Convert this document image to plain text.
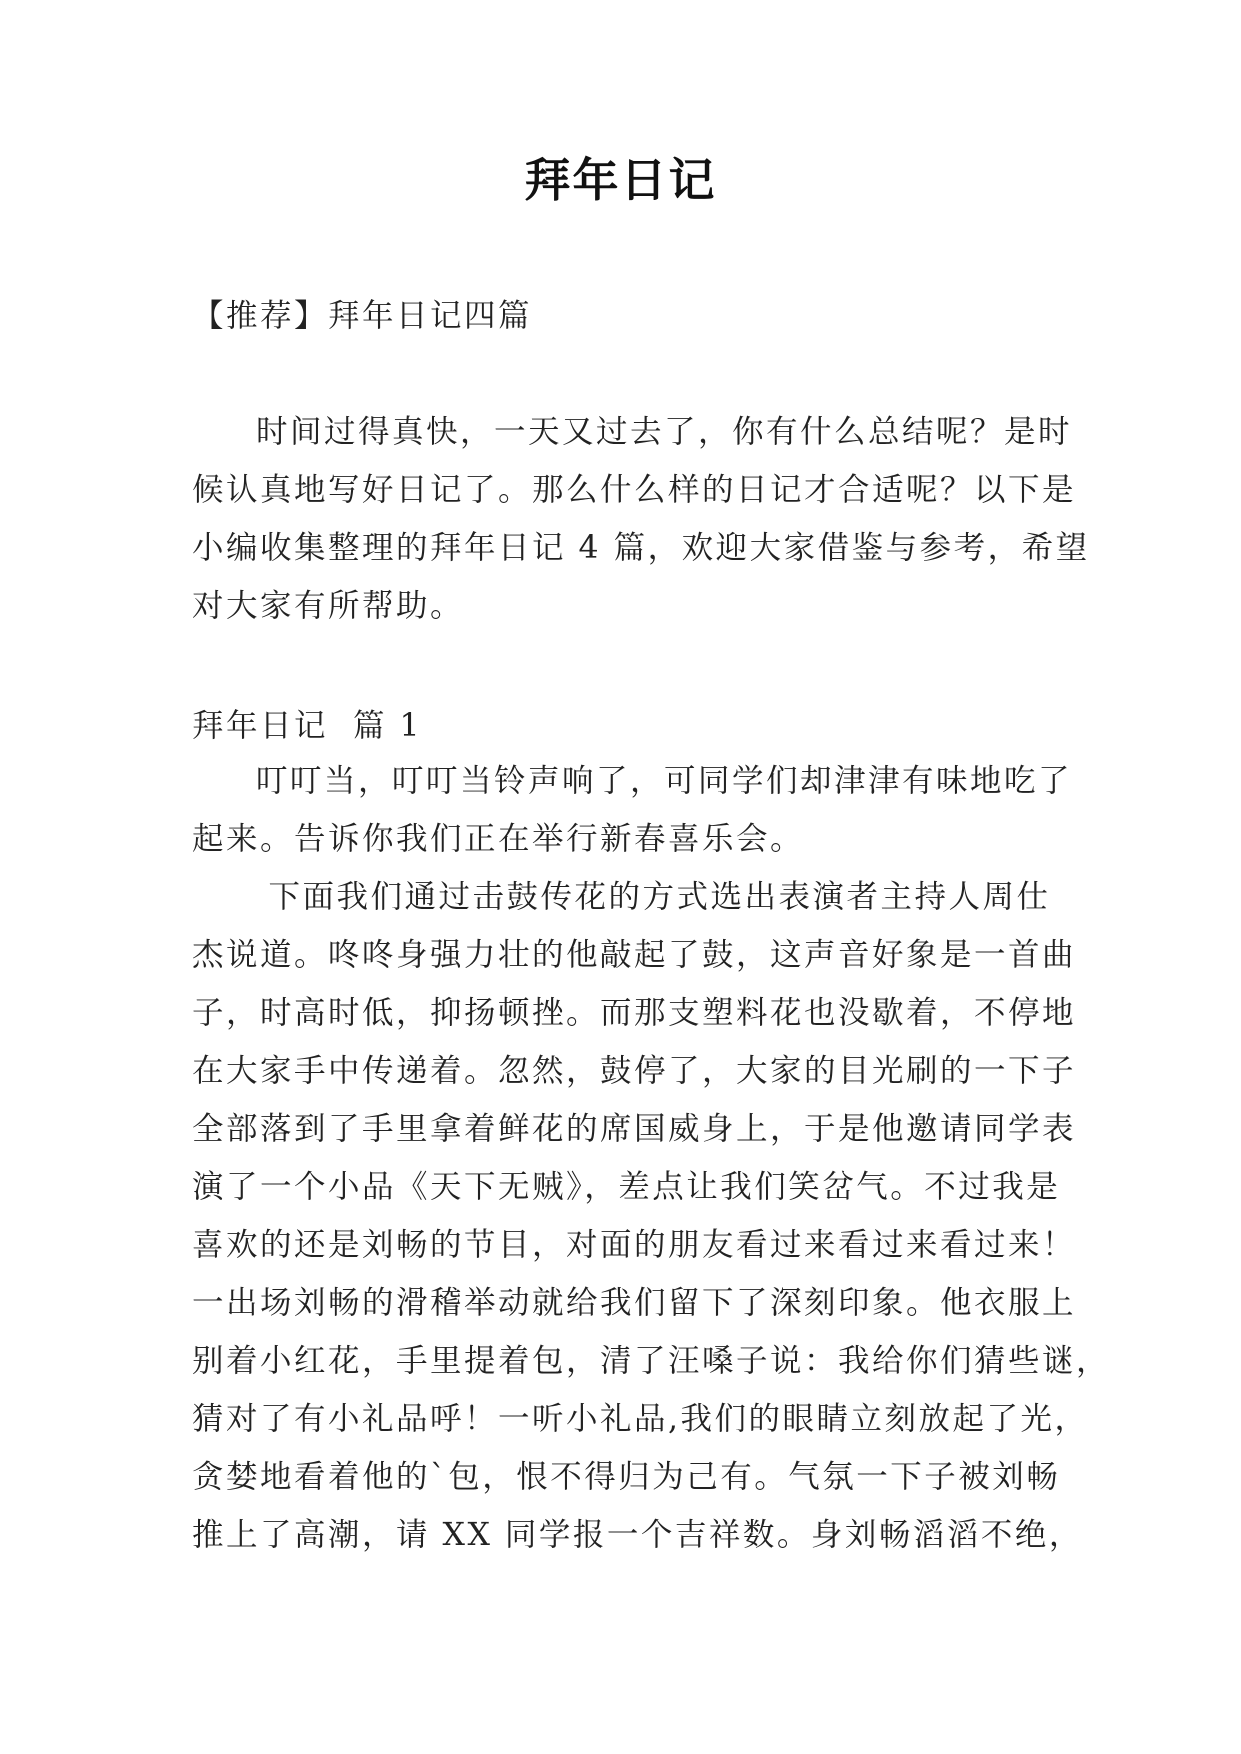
拜年日记
【推荐】拜年日记四篇
时间过得真快，一天又过去了，你有什么总结呢？是时
候认真地写好日记了。那么什么样的日记才合适呢？以下是
小编收集整理的拜年日记 4 篇，欢迎大家借鉴与参考，希望
对大家有所帮助。
拜年日记  篇 1
叮叮当，叮叮当铃声响了，可同学们却津津有味地吃了
起来。告诉你我们正在举行新春喜乐会。
下面我们通过击鼓传花的方式选出表演者主持人周仕
杰说道。咚咚身强力壮的他敲起了鼓，这声音好象是一首曲
子，时高时低，抑扬顿挫。而那支塑料花也没歇着，不停地
在大家手中传递着。忽然，鼓停了，大家的目光刷的一下子
全部落到了手里拿着鲜花的席国威身上，于是他邀请同学表
演了一个小品《天下无贼》，差点让我们笑岔气。不过我是
喜欢的还是刘畅的节目，对面的朋友看过来看过来看过来！
一出场刘畅的滑稽举动就给我们留下了深刻印象。他衣服上
别着小红花，手里提着包，清了汪嗓子说：我给你们猜些谜，
猜对了有小礼品呼！一听小礼品,我们的眼睛立刻放起了光，
贪婪地看着他的`包，恨不得归为己有。气氛一下子被刘畅
推上了高潮，请 XX 同学报一个吉祥数。身刘畅滔滔不绝，
